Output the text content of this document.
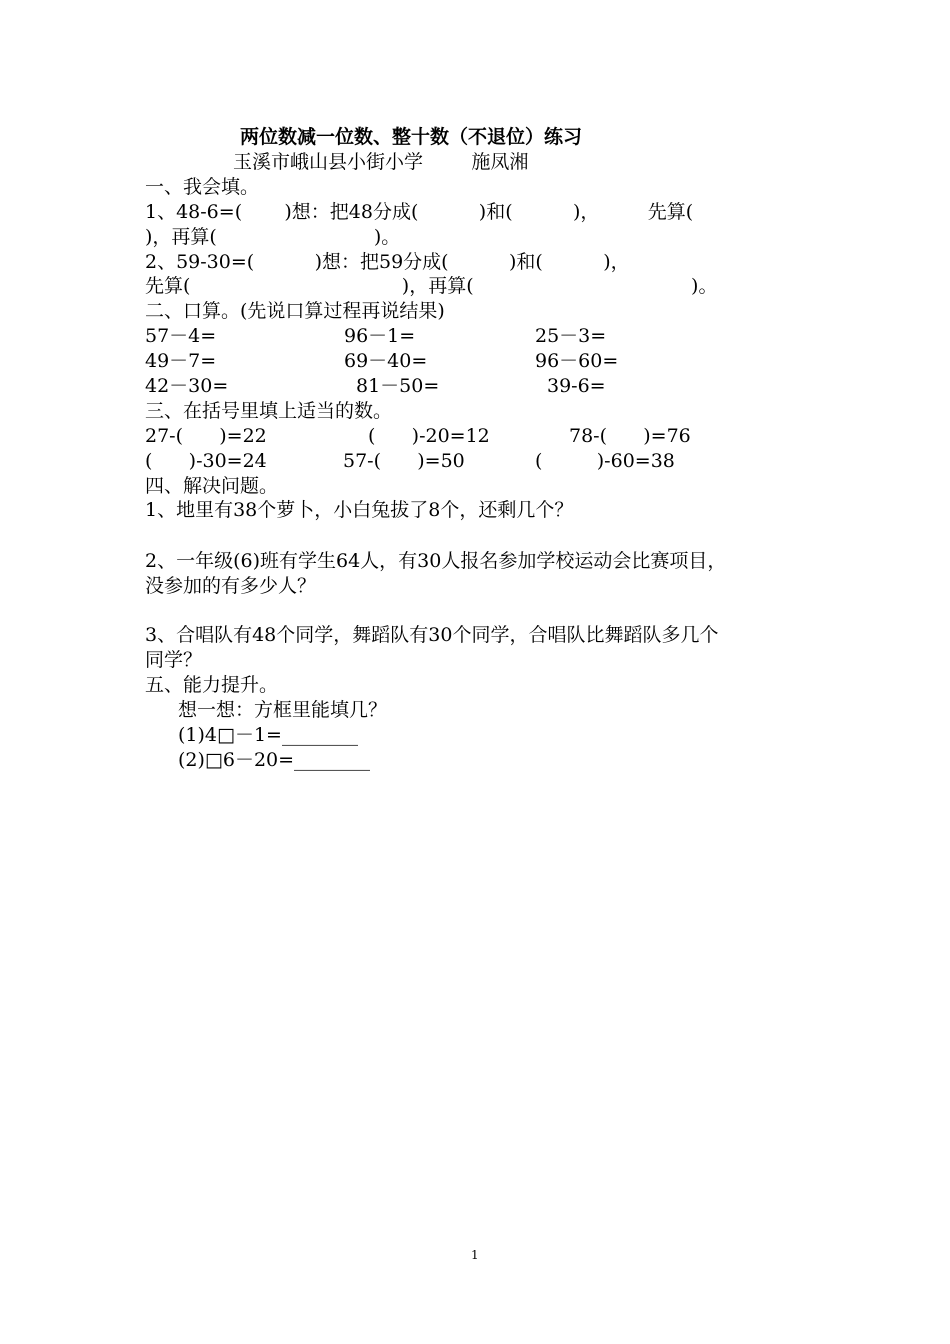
两位数减一位数、整十数（不退位）练习
玉溪市峨山县小街小学        施凤湘
一、我会填。
1、48-6=(       )想：把48分成(          )和(          )，        先算(
)，再算(                          )。
2、59-30=(          )想：把59分成(          )和(          )，
先算(                                   )，再算(                                    )。
二、口算。(先说口算过程再说结果)
57－4=	96－1=	25－3=
49－7=	69－40=	96－60=
42－30=	81－50=	39-6=
三、在括号里填上适当的数。
27-(      )=22	(      )-20=12	78-(      )=76
(      )-30=24	57-(      )=50	(         )-60=38
四、解决问题。
1、地里有38个萝卜，小白兔拔了8个，还剩几个？
2、一年级(6)班有学生64人，有30人报名参加学校运动会比赛项目，
没参加的有多少人？
3、合唱队有48个同学，舞蹈队有30个同学，合唱队比舞蹈队多几个
同学？
五、能力提升。
想一想：方框里能填几？
(1)4□－1=________
(2)□6－20=________
1
